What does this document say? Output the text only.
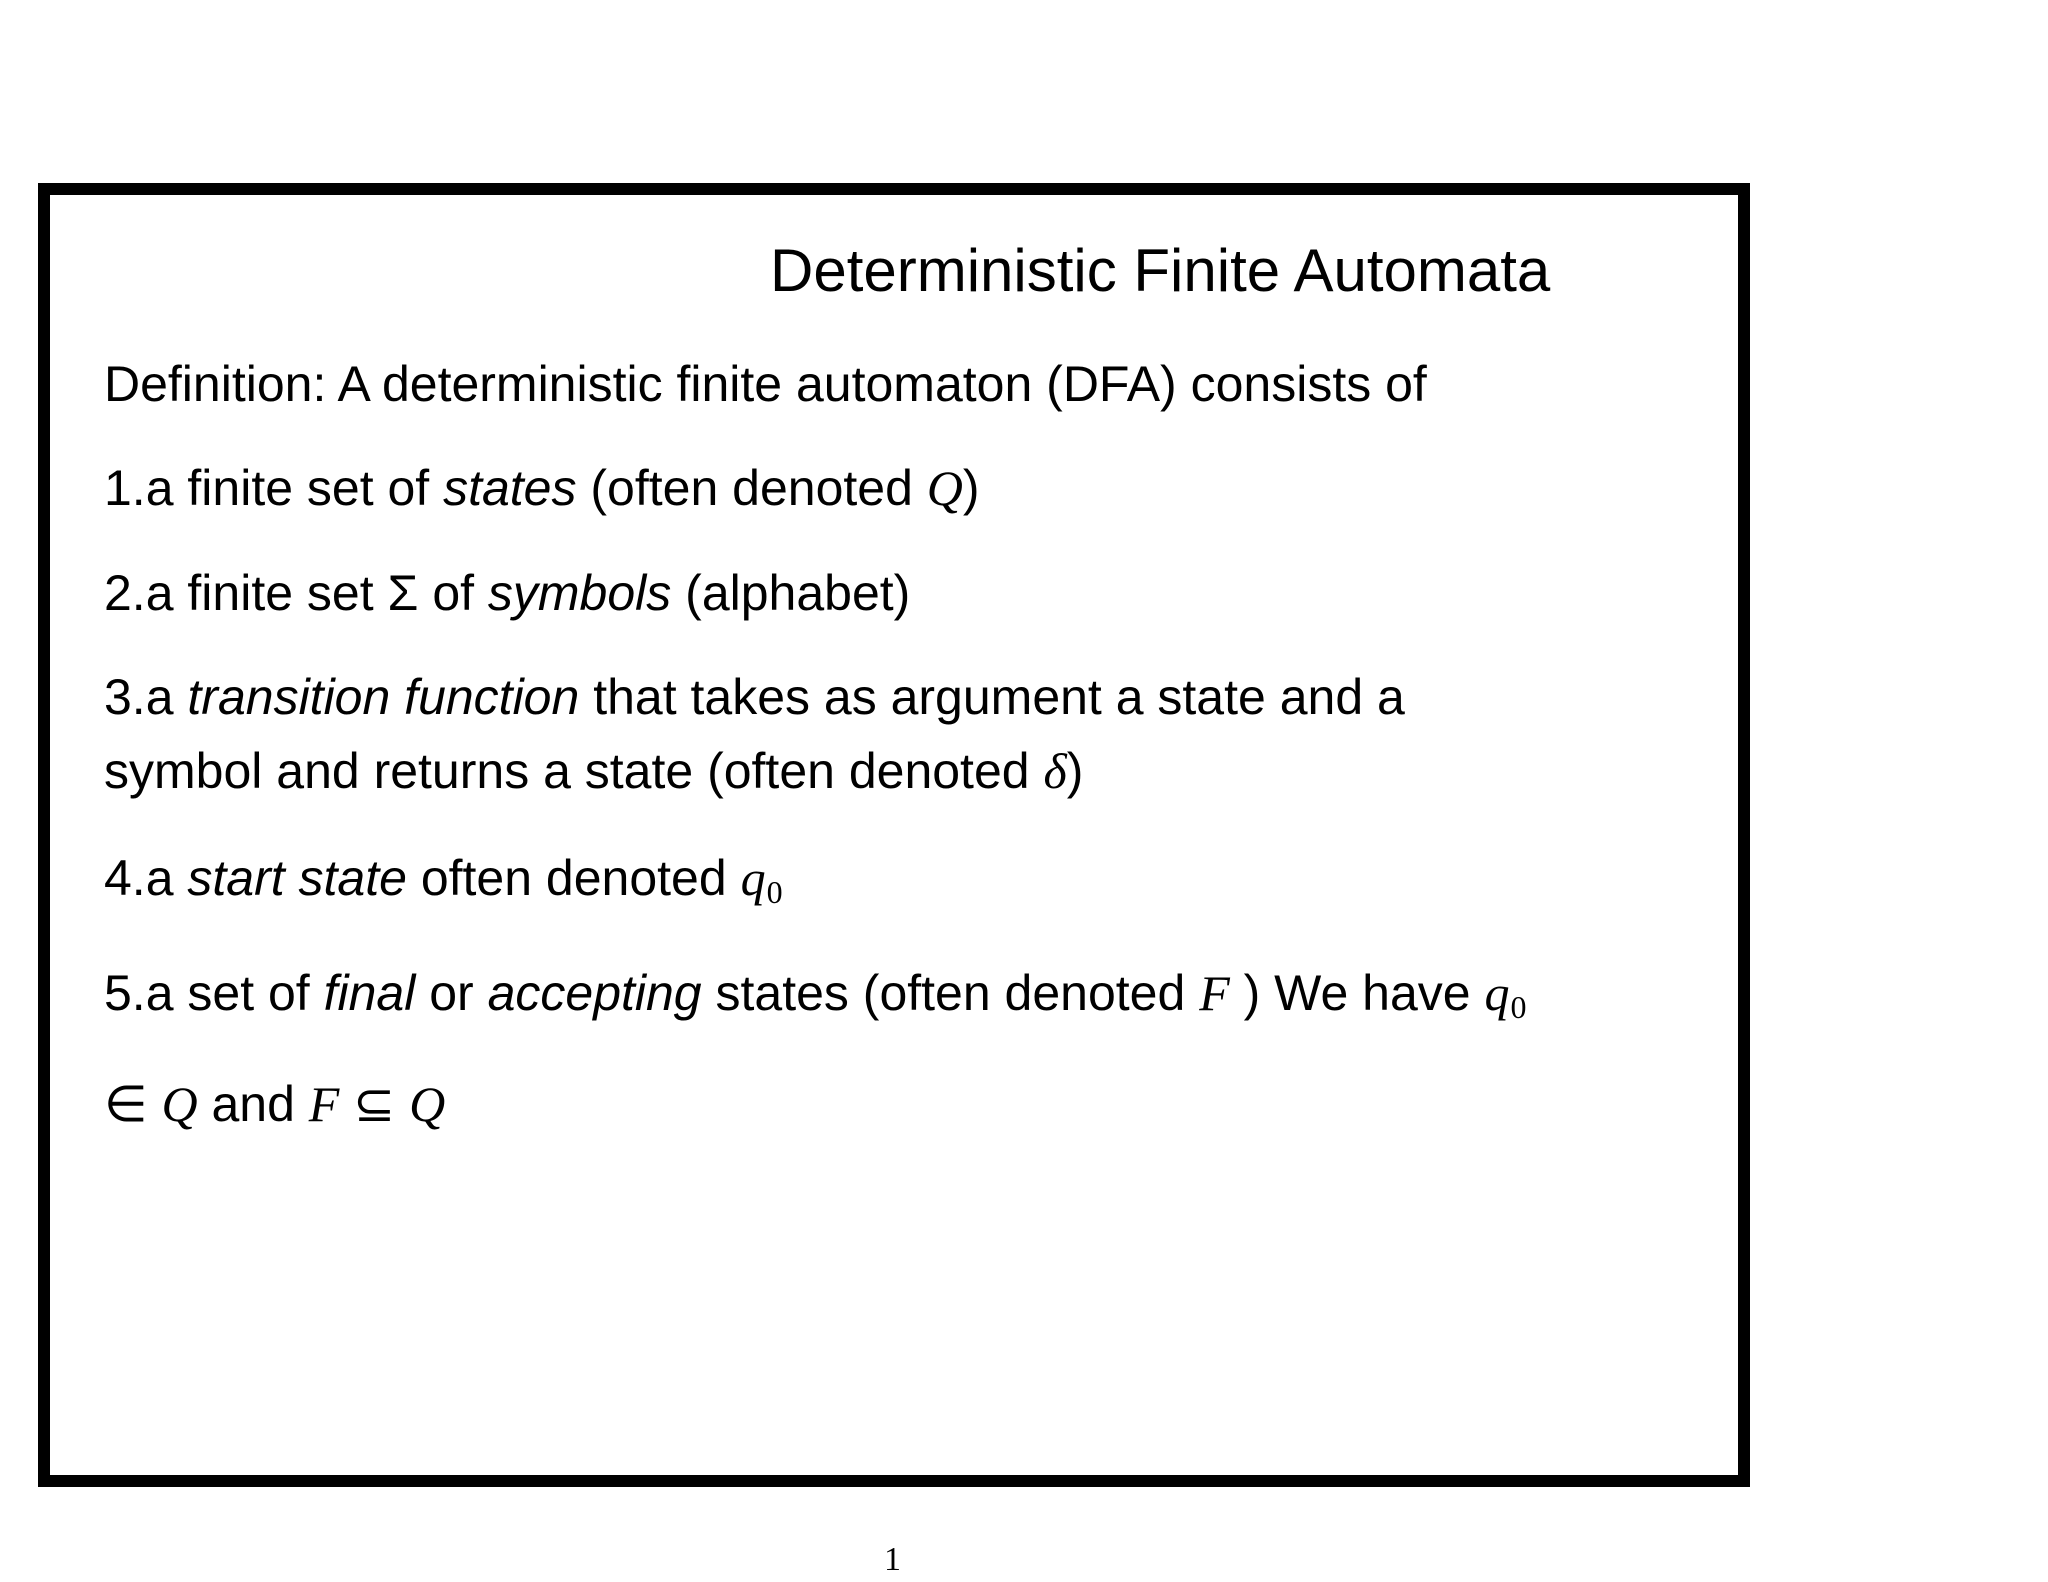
Deterministic Finite Automata
Definition: A deterministic finite automaton (DFA) consists of
1.a finite set of states (often denoted Q)
2.a finite set Σ of symbols (alphabet)
3.a transition function that takes as argument a state and a
symbol and returns a state (often denoted δ)
4.a start state often denoted q0
5.a set of final or accepting states (often denoted F ) We have q0
∈ Q and F ⊆ Q
1
